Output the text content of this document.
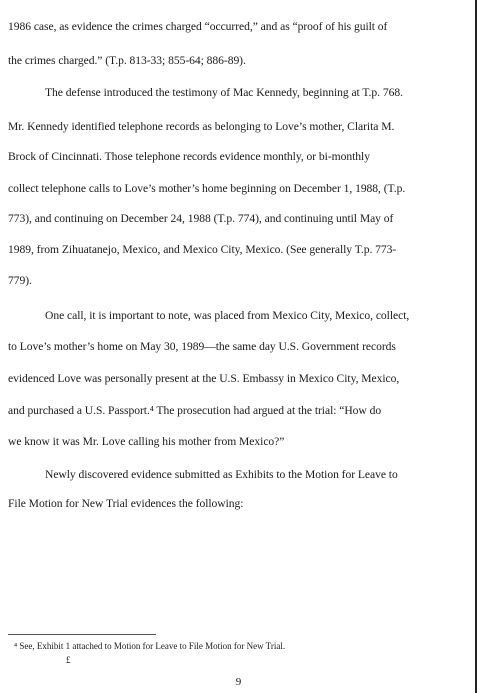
1986 case, as evidence the crimes charged “occurred,” and as “proof of his guilt of
the crimes charged.” (T.p. 813-33; 855-64; 886-89).
The defense introduced the testimony of Mac Kennedy, beginning at T.p. 768.
Mr. Kennedy identified telephone records as belonging to Love’s mother, Clarita M.
Brock of Cincinnati. Those telephone records evidence monthly, or bi-monthly
collect telephone calls to Love’s mother’s home beginning on December 1, 1988, (T.p.
773), and continuing on December 24, 1988 (T.p. 774), and continuing until May of
1989, from Zihuatanejo, Mexico, and Mexico City, Mexico. (See generally T.p. 773-
779).
One call, it is important to note, was placed from Mexico City, Mexico, collect,
to Love’s mother’s home on May 30, 1989—the same day U.S. Government records
evidenced Love was personally present at the U.S. Embassy in Mexico City, Mexico,
and purchased a U.S. Passport.⁴ The prosecution had argued at the trial: “How do
we know it was Mr. Love calling his mother from Mexico?”
Newly discovered evidence submitted as Exhibits to the Motion for Leave to
File Motion for New Trial evidences the following:
⁴ See, Exhibit 1 attached to Motion for Leave to File Motion for New Trial.
£
9
